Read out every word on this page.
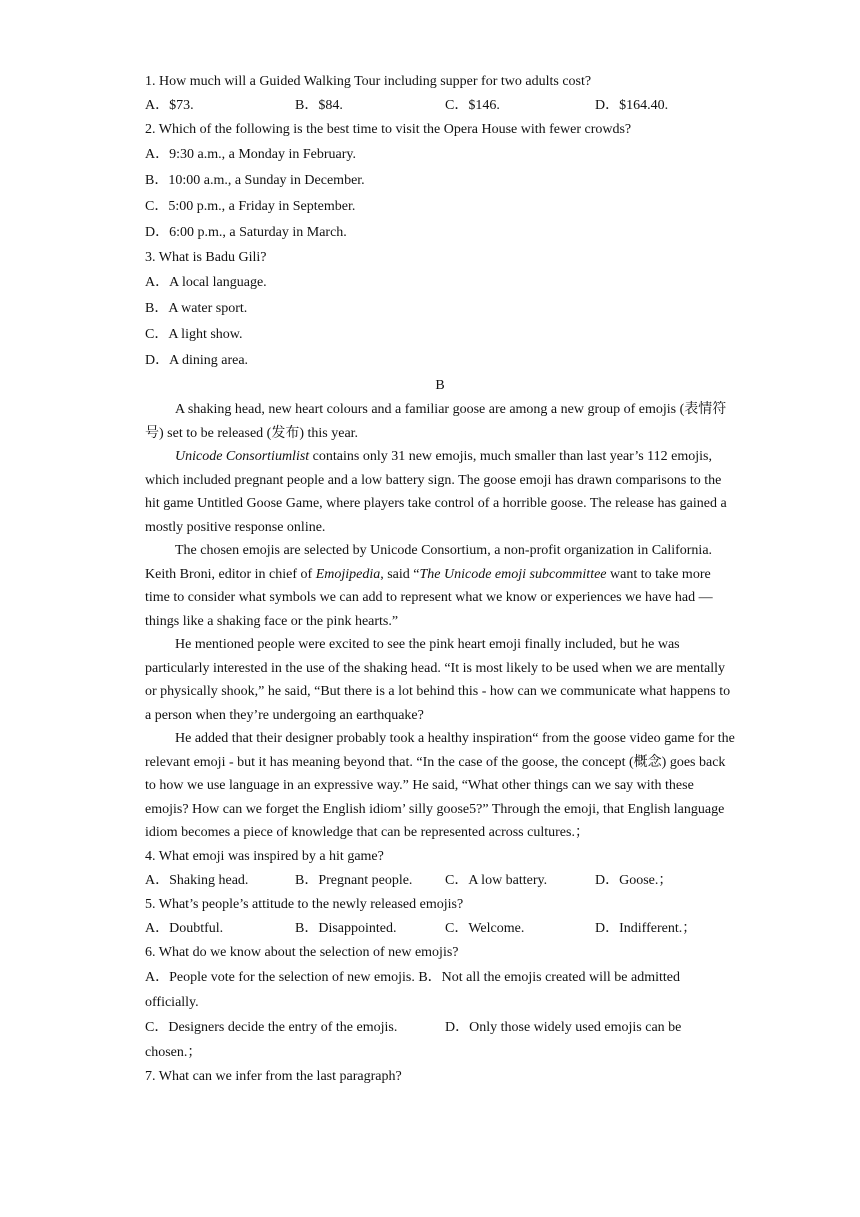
1. How much will a Guided Walking Tour including supper for two adults cost?

A．$73.	B．$84.	C．$146.	D．$164.40.

2. Which of the following is the best time to visit the Opera House with fewer crowds?

A．9:30 a.m., a Monday in February.

B．10:00 a.m., a Sunday in December.

C．5:00 p.m., a Friday in September.

D．6:00 p.m., a Saturday in March.

3. What is Badu Gili?

A．A local language.

B．A water sport.

C．A light show.

D．A dining area.

B

A shaking head, new heart colours and a familiar goose are among a new group of emojis (表情符号) set to be released (发布) this year.

Unicode Consortiumlist contains only 31 new emojis, much smaller than last year’s 112 emojis, which included pregnant people and a low battery sign. The goose emoji has drawn comparisons to the hit game Untitled Goose Game, where players take control of a horrible goose. The release has gained a mostly positive response online.

The chosen emojis are selected by Unicode Consortium, a non-profit organization in California. Keith Broni, editor in chief of Emojipedia, said “The Unicode emoji subcommittee want to take more time to consider what symbols we can add to represent what we know or experiences we have had — things like a shaking face or the pink hearts.”

He mentioned people were excited to see the pink heart emoji finally included, but he was particularly interested in the use of the shaking head. “It is most likely to be used when we are mentally or physically shook,” he said, “But there is a lot behind this - how can we communicate what happens to a person when they’re undergoing an earthquake?

He added that their designer probably took a healthy inspiration“ from the goose video game for the relevant emoji - but it has meaning beyond that. “In the case of the goose, the concept (概念) goes back to how we use language in an expressive way.” He said, “What other things can we say with these emojis? How can we forget the English idiom’ silly goose5?” Through the emoji, that English language idiom becomes a piece of knowledge that can be represented across cultures.；

4. What emoji was inspired by a hit game?

A．Shaking head.	B．Pregnant people.	C．A low battery.	D．Goose.；

5. What’s people’s attitude to the newly released emojis?

A．Doubtful.	B．Disappointed.	C．Welcome.	D．Indifferent.；

6. What do we know about the selection of new emojis?

A．People vote for the selection of new emojis. B．Not all the emojis created will be admitted officially.

C．Designers decide the entry of the emojis.	D．Only those widely used emojis can be chosen.；

7. What can we infer from the last paragraph?
